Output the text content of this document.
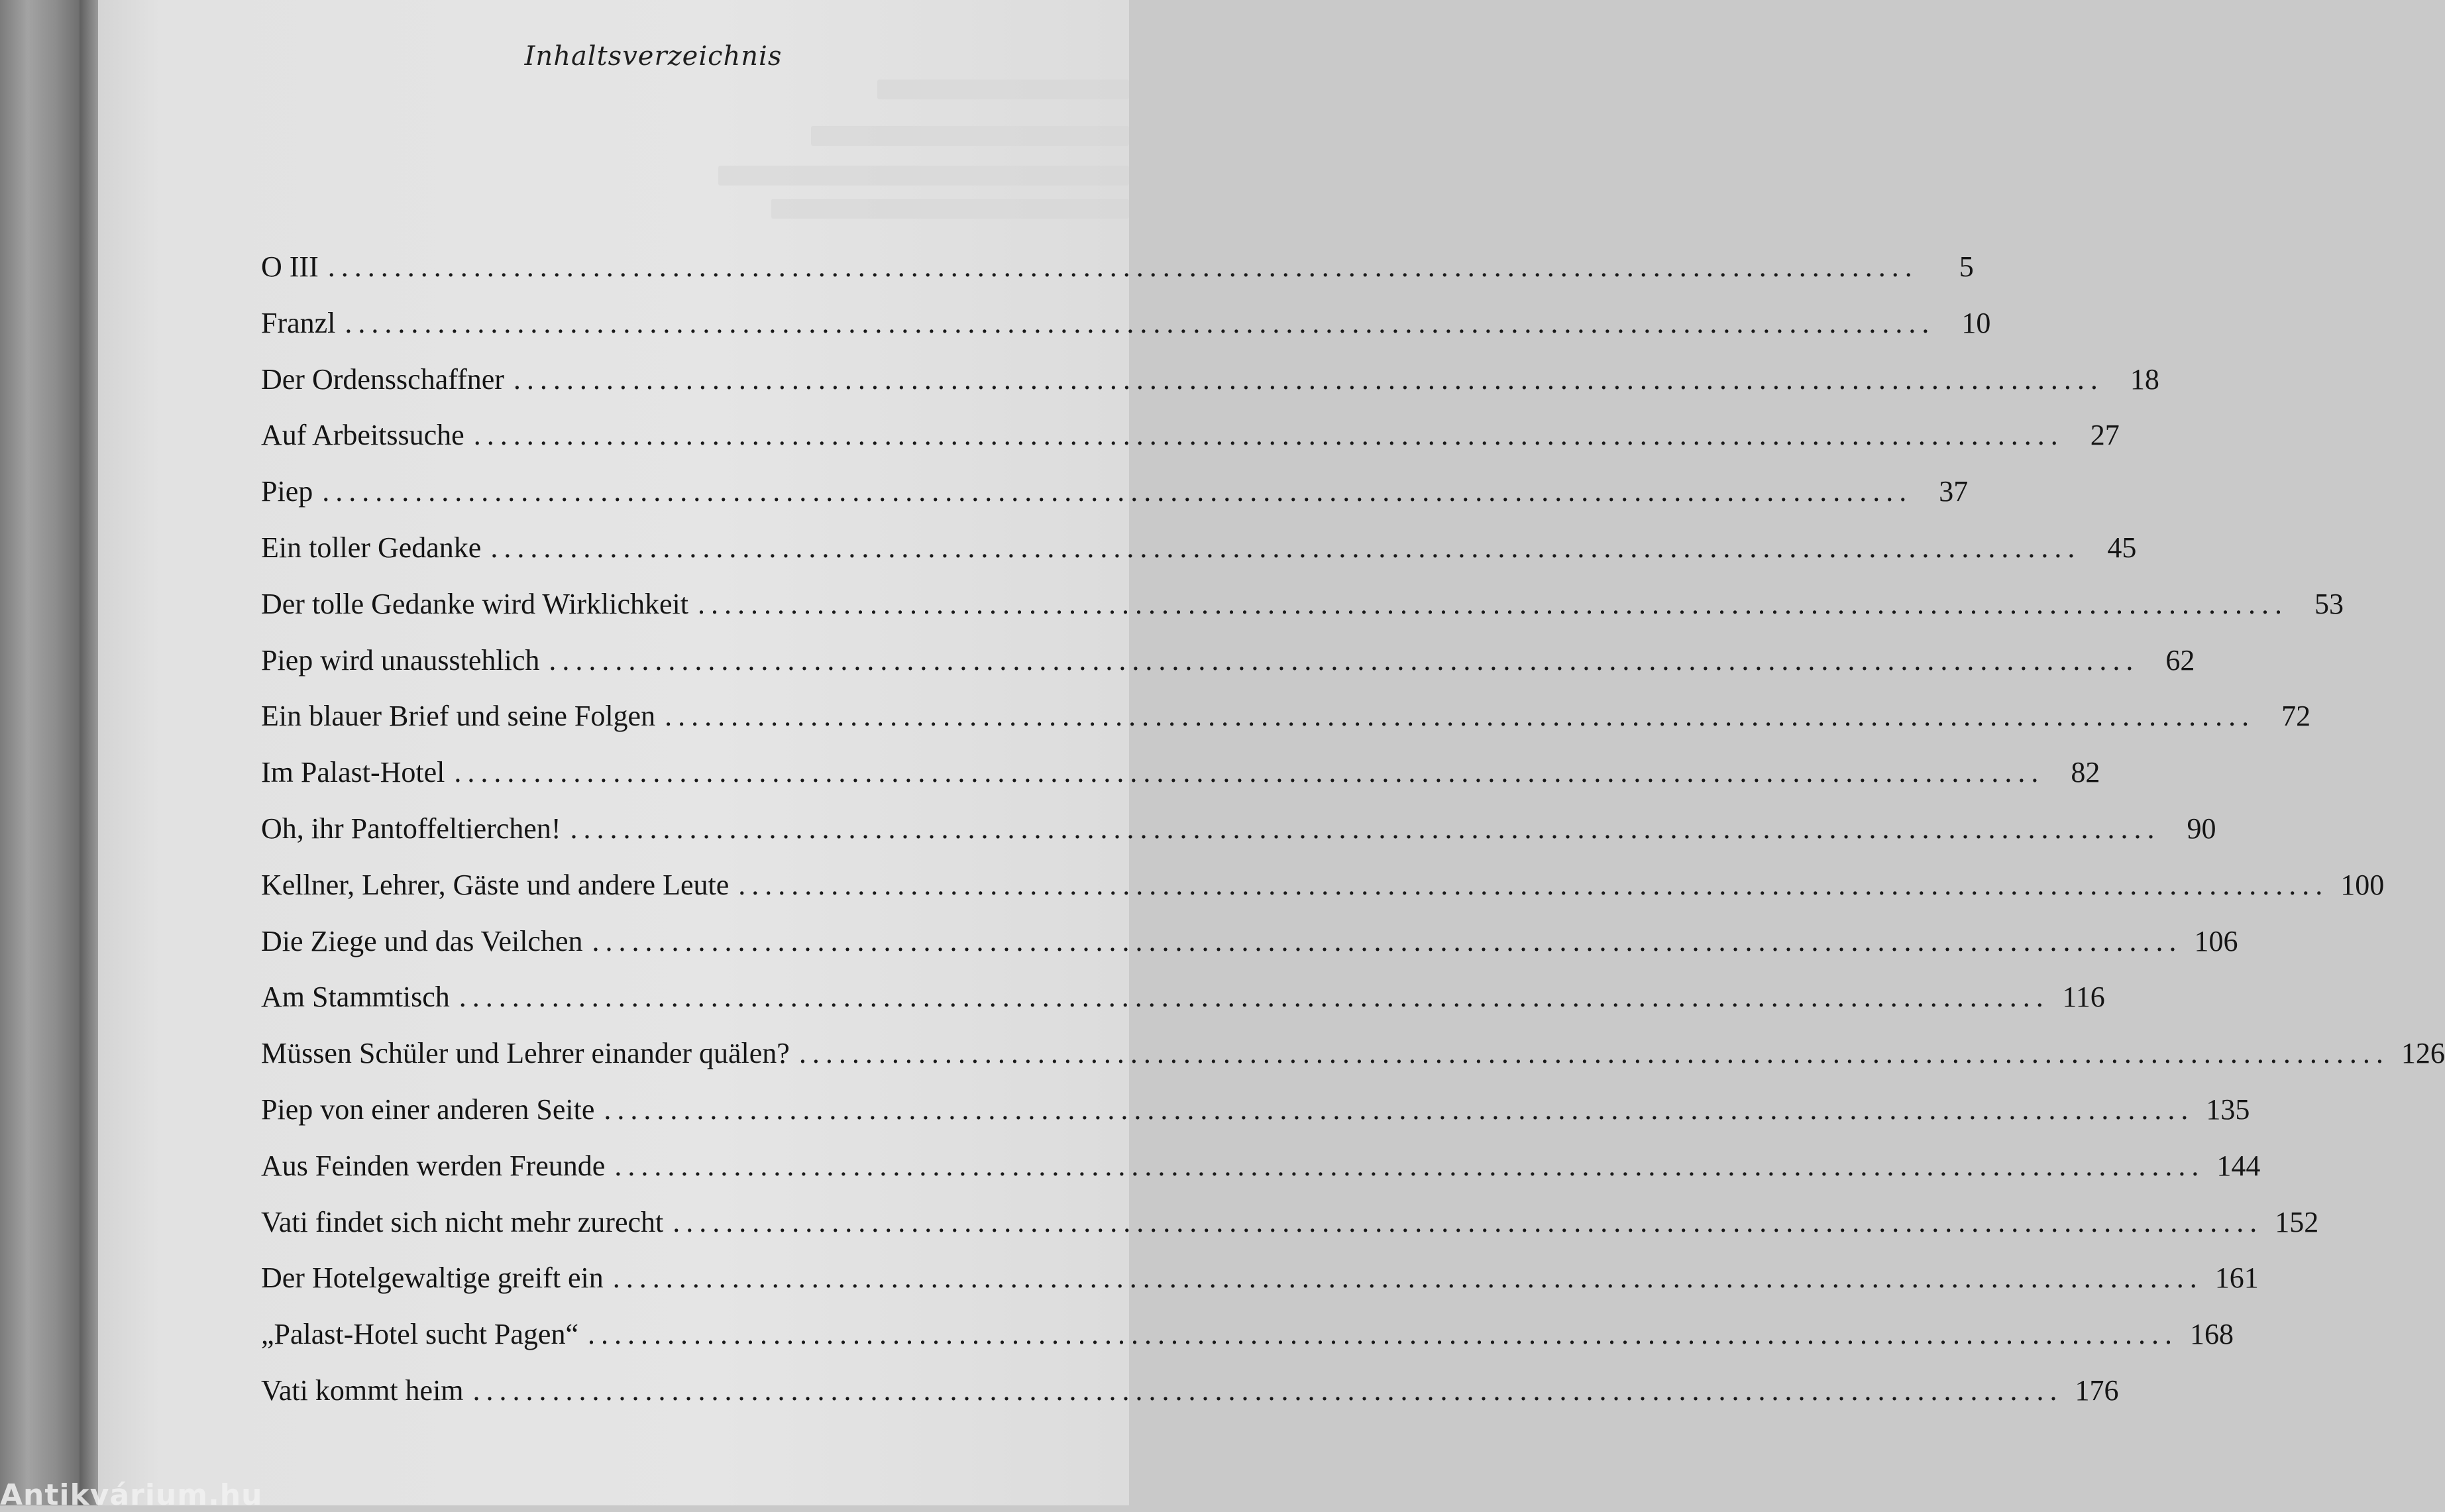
Inhaltsverzeichnis
O III ........................................................................................................................	5
Franzl ........................................................................................................................ 10
Der Ordensschaffner ........................................................................................................................ 18
Auf Arbeitssuche ........................................................................................................................ 27
Piep ........................................................................................................................ 37
Ein toller Gedanke ........................................................................................................................ 45
Der tolle Gedanke wird Wirklichkeit ........................................................................................................................ 53
Piep wird unausstehlich ........................................................................................................................ 62
Ein blauer Brief und seine Folgen ........................................................................................................................ 72
Im Palast-Hotel ........................................................................................................................ 82
Oh, ihr Pantoffeltierchen! ........................................................................................................................ 90
Kellner, Lehrer, Gäste und andere Leute ........................................................................................................................ 100
Die Ziege und das Veilchen ........................................................................................................................ 106
Am Stammtisch ........................................................................................................................ 116
Müssen Schüler und Lehrer einander quälen? ........................................................................................................................ 126
Piep von einer anderen Seite ........................................................................................................................ 135
Aus Feinden werden Freunde ........................................................................................................................ 144
Vati findet sich nicht mehr zurecht ........................................................................................................................ 152
Der Hotelgewaltige greift ein ........................................................................................................................ 161
„Palast-Hotel sucht Pagen“ ........................................................................................................................ 168
Vati kommt heim ........................................................................................................................ 176
Antikvárium.hu
